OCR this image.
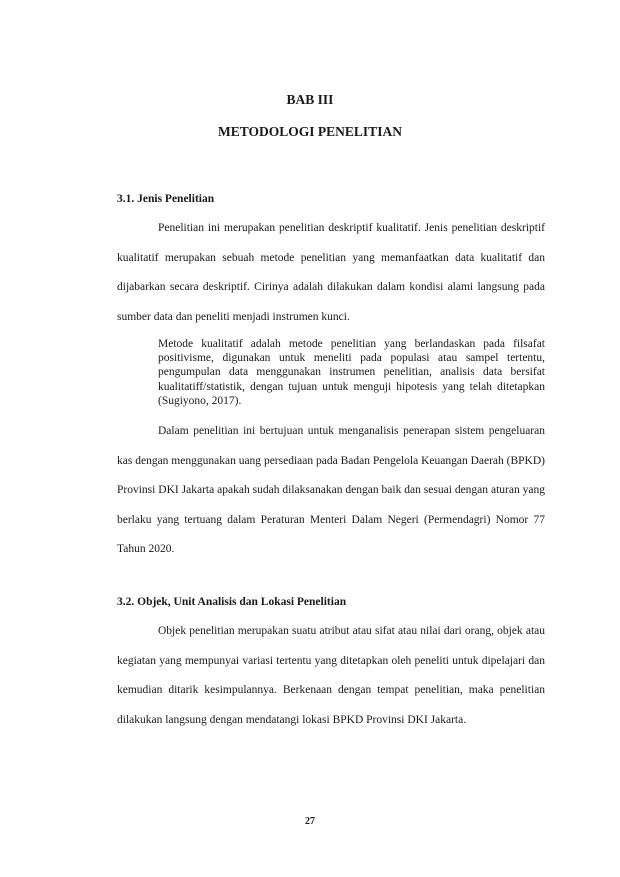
BAB III
METODOLOGI PENELITIAN
3.1. Jenis Penelitian
Penelitian ini merupakan penelitian deskriptif kualitatif. Jenis penelitian deskriptif kualitatif merupakan sebuah metode penelitian yang memanfaatkan data kualitatif dan dijabarkan secara deskriptif. Cirinya adalah dilakukan dalam kondisi alami langsung pada sumber data dan peneliti menjadi instrumen kunci.
Metode kualitatif adalah metode penelitian yang berlandaskan pada filsafat positivisme, digunakan untuk meneliti pada populasi atau sampel tertentu, pengumpulan data menggunakan instrumen penelitian, analisis data bersifat kualitatiff/statistik, dengan tujuan untuk menguji hipotesis yang telah ditetapkan (Sugiyono, 2017).
Dalam penelitian ini bertujuan untuk menganalisis penerapan sistem pengeluaran kas dengan menggunakan uang persediaan pada Badan Pengelola Keuangan Daerah (BPKD) Provinsi DKI Jakarta apakah sudah dilaksanakan dengan baik dan sesuai dengan aturan yang berlaku yang tertuang dalam Peraturan Menteri Dalam Negeri (Permendagri) Nomor 77 Tahun 2020.
3.2. Objek, Unit Analisis dan Lokasi Penelitian
Objek penelitian merupakan suatu atribut atau sifat atau nilai dari orang, objek atau kegiatan yang mempunyai variasi tertentu yang ditetapkan oleh peneliti untuk dipelajari dan kemudian ditarik kesimpulannya. Berkenaan dengan tempat penelitian, maka penelitian dilakukan langsung dengan mendatangi lokasi BPKD Provinsi DKI Jakarta.
27
